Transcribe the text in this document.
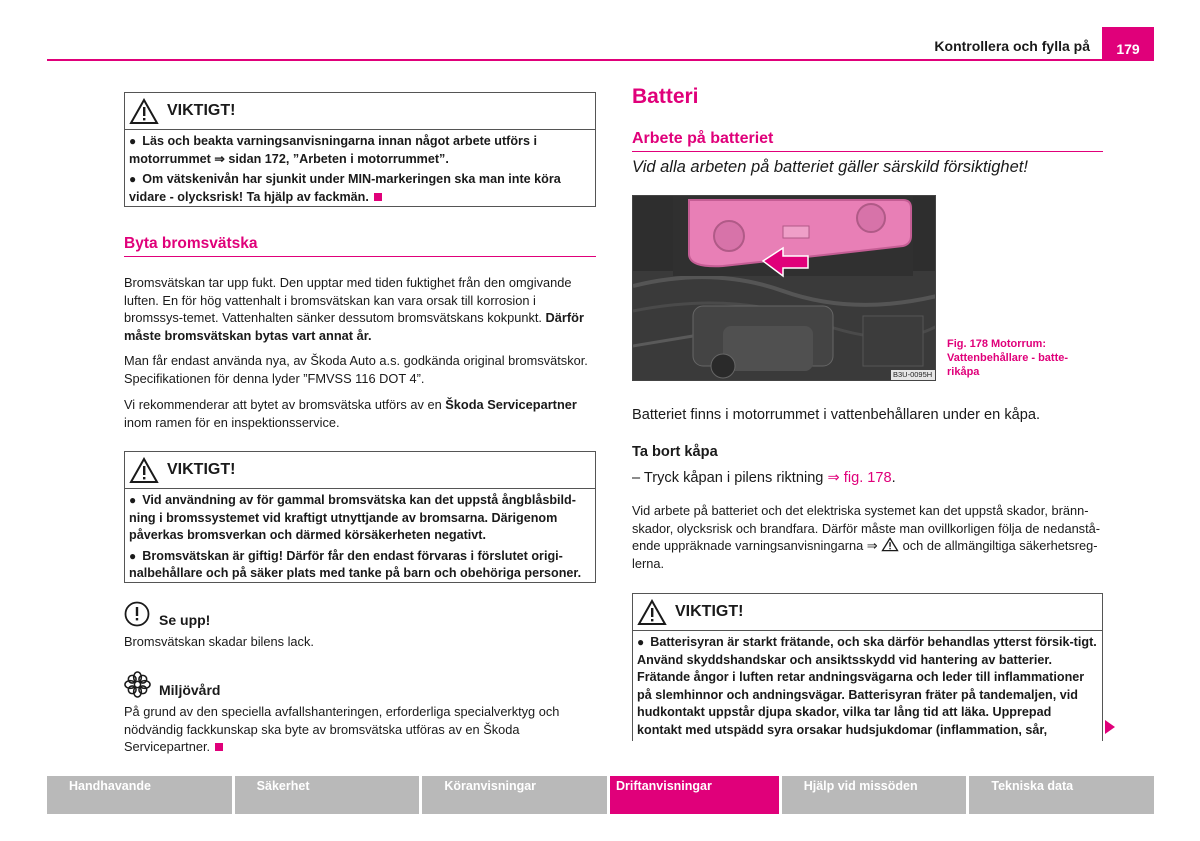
Kontrollera och fylla på	179
VIKTIGT!

● Läs och beakta varningsanvisningarna innan något arbete utförs i motorrummet ⇒ sidan 172, ”Arbeten i motorrummet”.

● Om vätskenivån har sjunkit under MIN-markeringen ska man inte köra vidare - olycksrisk! Ta hjälp av fackmän.

Byta bromsvätska
Bromsvätskan tar upp fukt. Den upptar med tiden fuktighet från den omgivande luften. En för hög vattenhalt i bromsvätskan kan vara orsak till korrosion i bromssys-temet. Vattenhalten sänker dessutom bromsvätskans kokpunkt. Därför måste bromsvätskan bytas vart annat år.
Man får endast använda nya, av Škoda Auto a.s. godkända original bromsvätskor. Specifikationen för denna lyder ”FMVSS 116 DOT 4”.
Vi rekommenderar att bytet av bromsvätska utförs av en Škoda Servicepartner inom ramen för en inspektionsservice.
VIKTIGT!

● Vid användning av för gammal bromsvätska kan det uppstå ångblåsbild-ning i bromssystemet vid kraftigt utnyttjande av bromsarna. Därigenom påverkas bromsverkan och därmed körsäkerheten negativt.

● Bromsvätskan är giftig! Därför får den endast förvaras i förslutet origi-nalbehållare och på säker plats med tanke på barn och obehöriga personer.

Se upp!
Bromsvätskan skadar bilens lack.
Miljövård
På grund av den speciella avfallshanteringen, erforderliga specialverktyg och nödvändig fackkunskap ska byte av bromsvätska utföras av en Škoda Servicepartner.
Batteri
Arbete på batteriet
Vid alla arbeten på batteriet gäller särskild försiktighet!
B3U-0095H
Fig. 178 Motorrum: Vattenbehållare - batte-rikåpa
Batteriet finns i motorrummet i vattenbehållaren under en kåpa.
Ta bort kåpa
– Tryck kåpan i pilens riktning ⇒ fig. 178.
Vid arbete på batteriet och det elektriska systemet kan det uppstå skador, bränn-skador, olycksrisk och brandfara. Därför måste man ovillkorligen följa de nedanstå-ende uppräknade varningsanvisningarna ⇒ och de allmängiltiga säkerhetsreg-lerna.
VIKTIGT!

● Batterisyran är starkt frätande, och ska därför behandlas ytterst försik-tigt. Använd skyddshandskar och ansiktsskydd vid hantering av batterier. Frätande ångor i luften retar andningsvägarna och leder till inflammationer på slemhinnor och andningsvägar. Batterisyran fräter på tandemaljen, vid hudkontakt uppstår djupa skador, vilka tar lång tid att läka. Upprepad kontakt med utspädd syra orsakar hudsjukdomar (inflammation, sår,

Handhavande	Säkerhet	Köranvisningar	Driftanvisningar	Hjälp vid missöden	Tekniska data
